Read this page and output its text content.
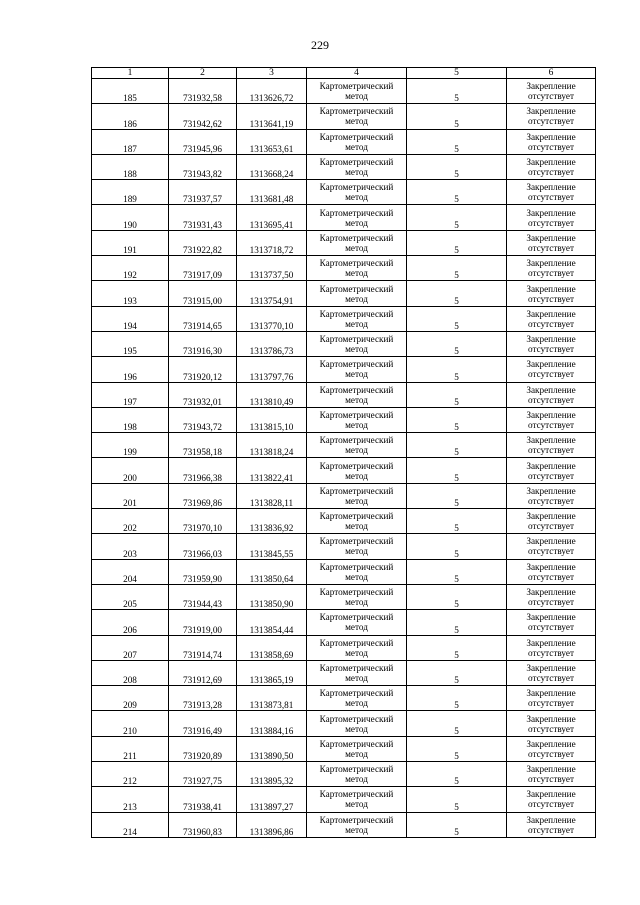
229
1	2	3	4	5	6
185	731932,58	1313626,72	Картометрический
метод	5	Закрепление
отсутствует

186	731942,62	1313641,19	Картометрический
метод	5	Закрепление
отсутствует

187	731945,96	1313653,61	Картометрический
метод	5	Закрепление
отсутствует

188	731943,82	1313668,24	Картометрический
метод	5	Закрепление
отсутствует

189	731937,57	1313681,48	Картометрический
метод	5	Закрепление
отсутствует

190	731931,43	1313695,41	Картометрический
метод	5	Закрепление
отсутствует

191	731922,82	1313718,72	Картометрический
метод	5	Закрепление
отсутствует

192	731917,09	1313737,50	Картометрический
метод	5	Закрепление
отсутствует

193	731915,00	1313754,91	Картометрический
метод	5	Закрепление
отсутствует

194	731914,65	1313770,10	Картометрический
метод	5	Закрепление
отсутствует

195	731916,30	1313786,73	Картометрический
метод	5	Закрепление
отсутствует

196	731920,12	1313797,76	Картометрический
метод	5	Закрепление
отсутствует

197	731932,01	1313810,49	Картометрический
метод	5	Закрепление
отсутствует

198	731943,72	1313815,10	Картометрический
метод	5	Закрепление
отсутствует

199	731958,18	1313818,24	Картометрический
метод	5	Закрепление
отсутствует

200	731966,38	1313822,41	Картометрический
метод	5	Закрепление
отсутствует

201	731969,86	1313828,11	Картометрический
метод	5	Закрепление
отсутствует

202	731970,10	1313836,92	Картометрический
метод	5	Закрепление
отсутствует

203	731966,03	1313845,55	Картометрический
метод	5	Закрепление
отсутствует

204	731959,90	1313850,64	Картометрический
метод	5	Закрепление
отсутствует

205	731944,43	1313850,90	Картометрический
метод	5	Закрепление
отсутствует

206	731919,00	1313854,44	Картометрический
метод	5	Закрепление
отсутствует

207	731914,74	1313858,69	Картометрический
метод	5	Закрепление
отсутствует

208	731912,69	1313865,19	Картометрический
метод	5	Закрепление
отсутствует

209	731913,28	1313873,81	Картометрический
метод	5	Закрепление
отсутствует

210	731916,49	1313884,16	Картометрический
метод	5	Закрепление
отсутствует

211	731920,89	1313890,50	Картометрический
метод	5	Закрепление
отсутствует

212	731927,75	1313895,32	Картометрический
метод	5	Закрепление
отсутствует

213	731938,41	1313897,27	Картометрический
метод	5	Закрепление
отсутствует

214	731960,83	1313896,86	Картометрический
метод	5	Закрепление
отсутствует
